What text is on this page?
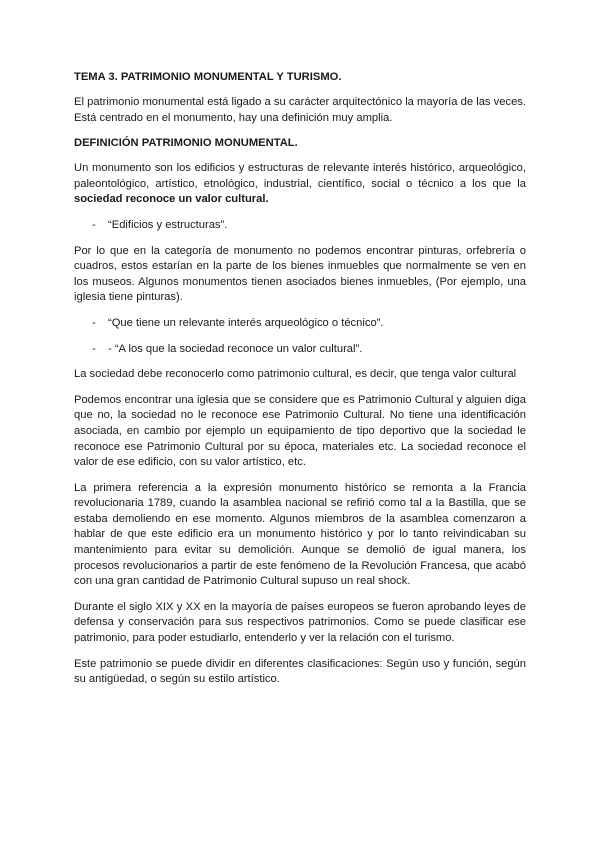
TEMA 3. PATRIMONIO MONUMENTAL Y TURISMO.

El patrimonio monumental está ligado a su carácter arquitectónico la mayoría de las veces. Está centrado en el monumento, hay una definición muy amplia.

DEFINICIÓN PATRIMONIO MONUMENTAL.

Un monumento son los edificios y estructuras de relevante interés histórico, arqueológico, paleontológico, artístico, etnológico, industrial, científico, social o técnico a los que la sociedad reconoce un valor cultural.

-	“Edificios y estructuras”.

Por lo que en la categoría de monumento no podemos encontrar pinturas, orfebrería o cuadros, estos estarían en la parte de los bienes inmuebles que normalmente se ven en los museos. Algunos monumentos tienen asociados bienes inmuebles, (Por ejemplo, una iglesia tiene pinturas).

-	“Que tiene un relevante interés arqueológico o técnico”.
-	- “A los que la sociedad reconoce un valor cultural”.

La sociedad debe reconocerlo como patrimonio cultural, es decir, que tenga valor cultural

Podemos encontrar una iglesia que se considere que es Patrimonio Cultural y alguien diga que no, la sociedad no le reconoce ese Patrimonio Cultural. No tiene una identificación asociada, en cambio por ejemplo un equipamiento de tipo deportivo que la sociedad le reconoce ese Patrimonio Cultural por su época, materiales etc. La sociedad reconoce el valor de ese edificio, con su valor artístico, etc.

La primera referencia a la expresión monumento histórico se remonta a la Francia revolucionaria 1789, cuando la asamblea nacional se refirió como tal a la Bastilla, que se estaba demoliendo en ese momento. Algunos miembros de la asamblea comenzaron a hablar de que este edificio era un monumento histórico y por lo tanto reivindicaban su mantenimiento para evitar su demolición. Aunque se demolió de igual manera, los procesos revolucionarios a partir de este fenómeno de la Revolución Francesa, que acabó con una gran cantidad de Patrimonio Cultural supuso un real shock.

Durante el siglo XIX y XX en la mayoría de países europeos se fueron aprobando leyes de defensa y conservación para sus respectivos patrimonios. Como se puede clasificar ese patrimonio, para poder estudiarlo, entenderlo y ver la relación con el turismo.

Este patrimonio se puede dividir en diferentes clasificaciones: Según uso y función, según su antigüedad, o según su estilo artístico.
